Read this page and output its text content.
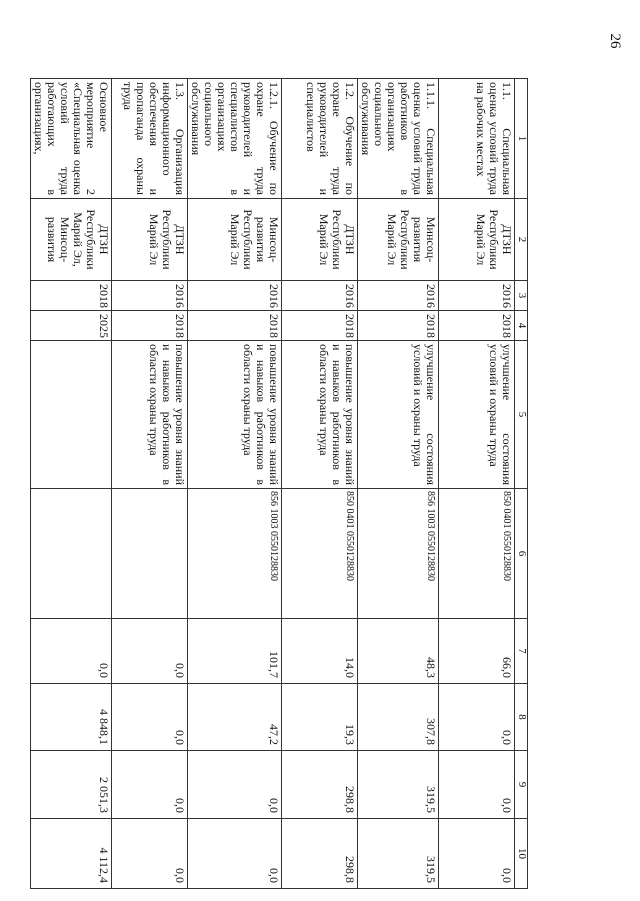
26
1	2	3	4	5	6	7	8	9	10
1.1. Специальная оценка условий труда на рабочих местах	ДТЗН Республики Марий Эл	2016	2018	улучшение состояния условий и охраны труда	850 0401 0550128830	66,0	0,0	0,0	0,0
1.1.1. Специальная оценка условий труда работников в организациях социального обслуживания	Минсоц-развития Республики Марий Эл	2016	2018	улучшение состояния условий и охраны труда	856 1003 0550128830	48,3	307,8	319,5	319,5
1.2. Обучение по охране труда руководителей и специалистов	ДТЗН Республики Марий Эл	2016	2018	повышение уровня знаний и навыков работников в области охраны труда	850 0401 0550128830	14,0	19,3	298,8	298,8
1.2.1. Обучение по охране труда руководителей и специалистов в организациях социального обслуживания	Минсоц-развития Республики Марий Эл	2016	2018	повышение уровня знаний и навыков работников в области охраны труда	856 1003 0550128830	101,7	47,2	0,0	0,0
1.3. Организация информационного обеспечения и пропаганда охраны труда	ДТЗН Республики Марий Эл	2016	2018	повышение уровня знаний и навыков работников в области охраны труда		0,0	0,0	0,0	0,0
Основное мероприятие 2 «Специальная оценка условий труда работающих в организациях,	ДТЗН Республики Марий Эл, Минсоц-развития	2018	2025			0,0	4 848,1	2 051,3	4 112,4
